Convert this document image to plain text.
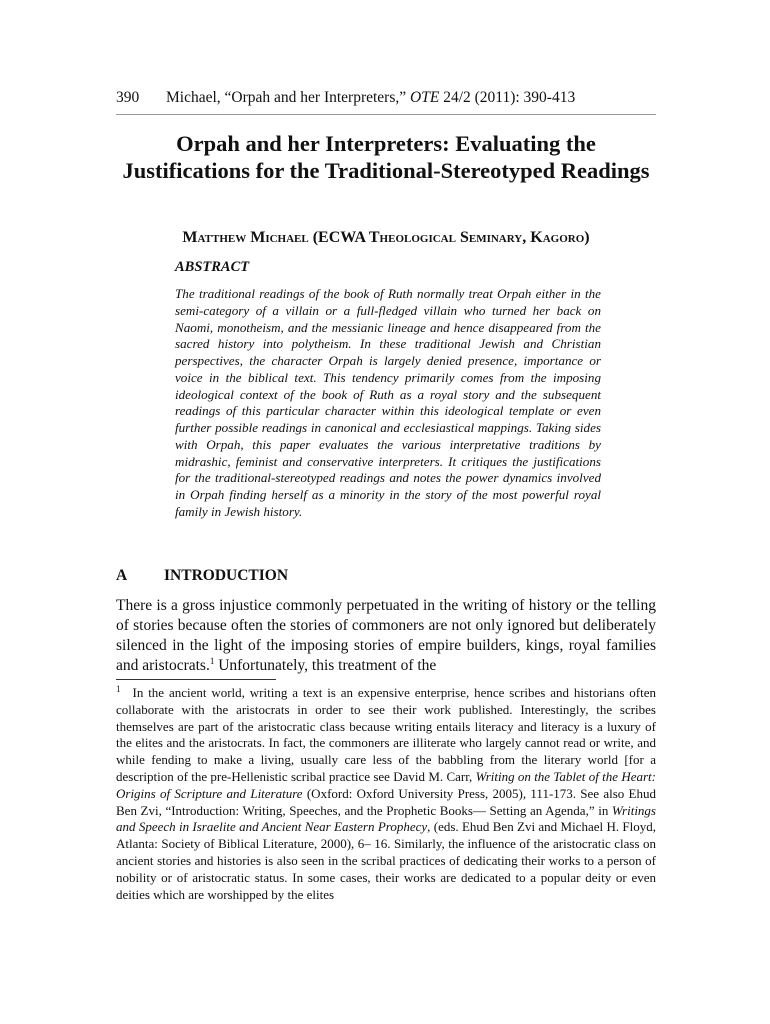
390 Michael, “Orpah and her Interpreters,” OTE 24/2 (2011): 390-413
Orpah and her Interpreters: Evaluating the Justifications for the Traditional-Stereotyped Readings
Matthew Michael (ECWA Theological Seminary, Kagoro)
ABSTRACT

The traditional readings of the book of Ruth normally treat Orpah either in the semi-category of a villain or a full-fledged villain who turned her back on Naomi, monotheism, and the messianic lineage and hence disappeared from the sacred history into polytheism. In these traditional Jewish and Christian perspectives, the character Orpah is largely denied presence, importance or voice in the biblical text. This tendency primarily comes from the imposing ideological context of the book of Ruth as a royal story and the subsequent readings of this particular character within this ideological template or even further possible readings in canonical and ecclesiastical mappings. Taking sides with Orpah, this paper evaluates the various interpretative traditions by midrashic, feminist and conservative interpreters. It critiques the justifications for the traditional-stereotyped readings and notes the power dynamics involved in Orpah finding herself as a minority in the story of the most powerful royal family in Jewish history.

A INTRODUCTION

There is a gross injustice commonly perpetuated in the writing of history or the telling of stories because often the stories of commoners are not only ignored but deliberately silenced in the light of the imposing stories of empire builders, kings, royal families and aristocrats.$^1$ Unfortunately, this treatment of the

$^1$ In the ancient world, writing a text is an expensive enterprise, hence scribes and historians often collaborate with the aristocrats in order to see their work published. Interestingly, the scribes themselves are part of the aristocratic class because writing entails literacy and literacy is a luxury of the elites and the aristocrats. In fact, the commoners are illiterate who largely cannot read or write, and while fending to make a living, usually care less of the babbling from the literary world [for a description of the pre-Hellenistic scribal practice see David M. Carr, Writing on the Tablet of the Heart: Origins of Scripture and Literature (Oxford: Oxford University Press, 2005), 111-173. See also Ehud Ben Zvi, “Introduction: Writing, Speeches, and the Prophetic Books— Setting an Agenda,” in Writings and Speech in Israelite and Ancient Near Eastern Prophecy, (eds. Ehud Ben Zvi and Michael H. Floyd, Atlanta: Society of Biblical Literature, 2000), 6– 16. Similarly, the influence of the aristocratic class on ancient stories and histories is also seen in the scribal practices of dedicating their works to a person of nobility or of aristocratic status. In some cases, their works are dedicated to a popular deity or even deities which are worshipped by the elites
